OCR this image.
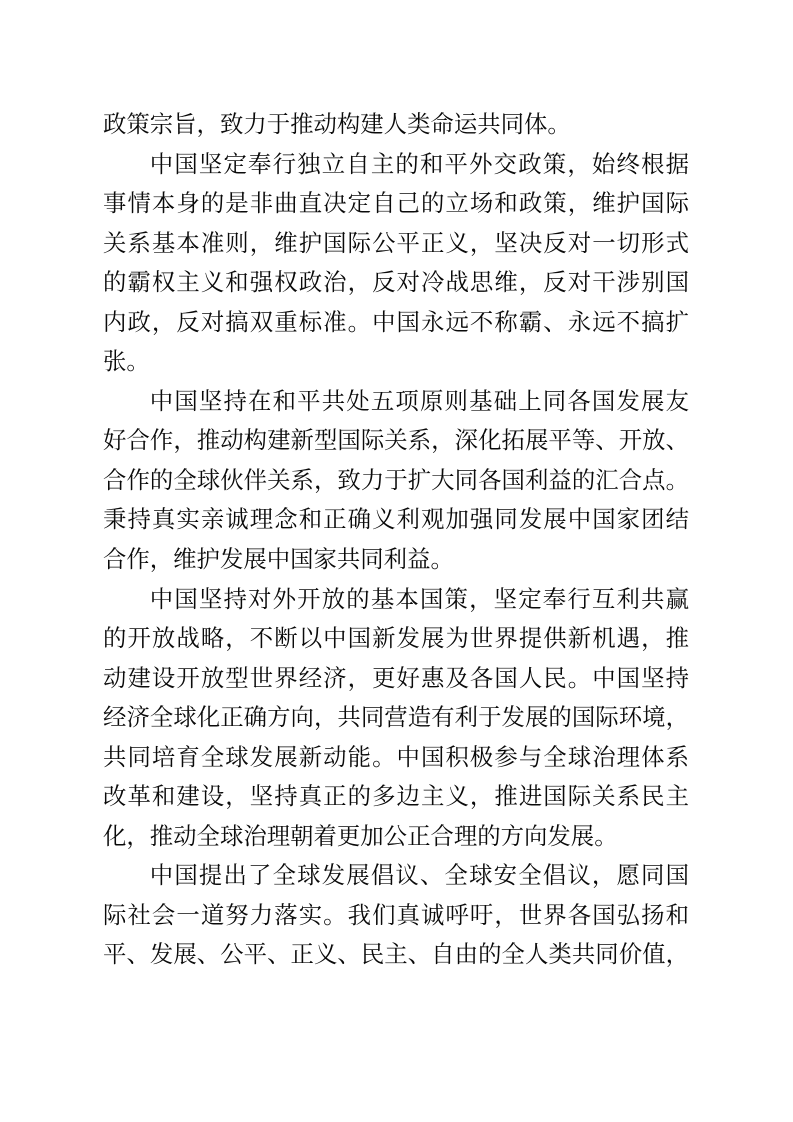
政策宗旨，致力于推动构建人类命运共同体。
中国坚定奉行独立自主的和平外交政策，始终根据
事情本身的是非曲直决定自己的立场和政策，维护国际
关系基本准则，维护国际公平正义，坚决反对一切形式
的霸权主义和强权政治，反对冷战思维，反对干涉别国
内政，反对搞双重标准。中国永远不称霸、永远不搞扩
张。
中国坚持在和平共处五项原则基础上同各国发展友
好合作，推动构建新型国际关系，深化拓展平等、开放、
合作的全球伙伴关系，致力于扩大同各国利益的汇合点。
秉持真实亲诚理念和正确义利观加强同发展中国家团结
合作，维护发展中国家共同利益。
中国坚持对外开放的基本国策，坚定奉行互利共赢
的开放战略，不断以中国新发展为世界提供新机遇，推
动建设开放型世界经济，更好惠及各国人民。中国坚持
经济全球化正确方向，共同营造有利于发展的国际环境，
共同培育全球发展新动能。中国积极参与全球治理体系
改革和建设，坚持真正的多边主义，推进国际关系民主
化，推动全球治理朝着更加公正合理的方向发展。
中国提出了全球发展倡议、全球安全倡议，愿同国
际社会一道努力落实。我们真诚呼吁，世界各国弘扬和
平、发展、公平、正义、民主、自由的全人类共同价值，
